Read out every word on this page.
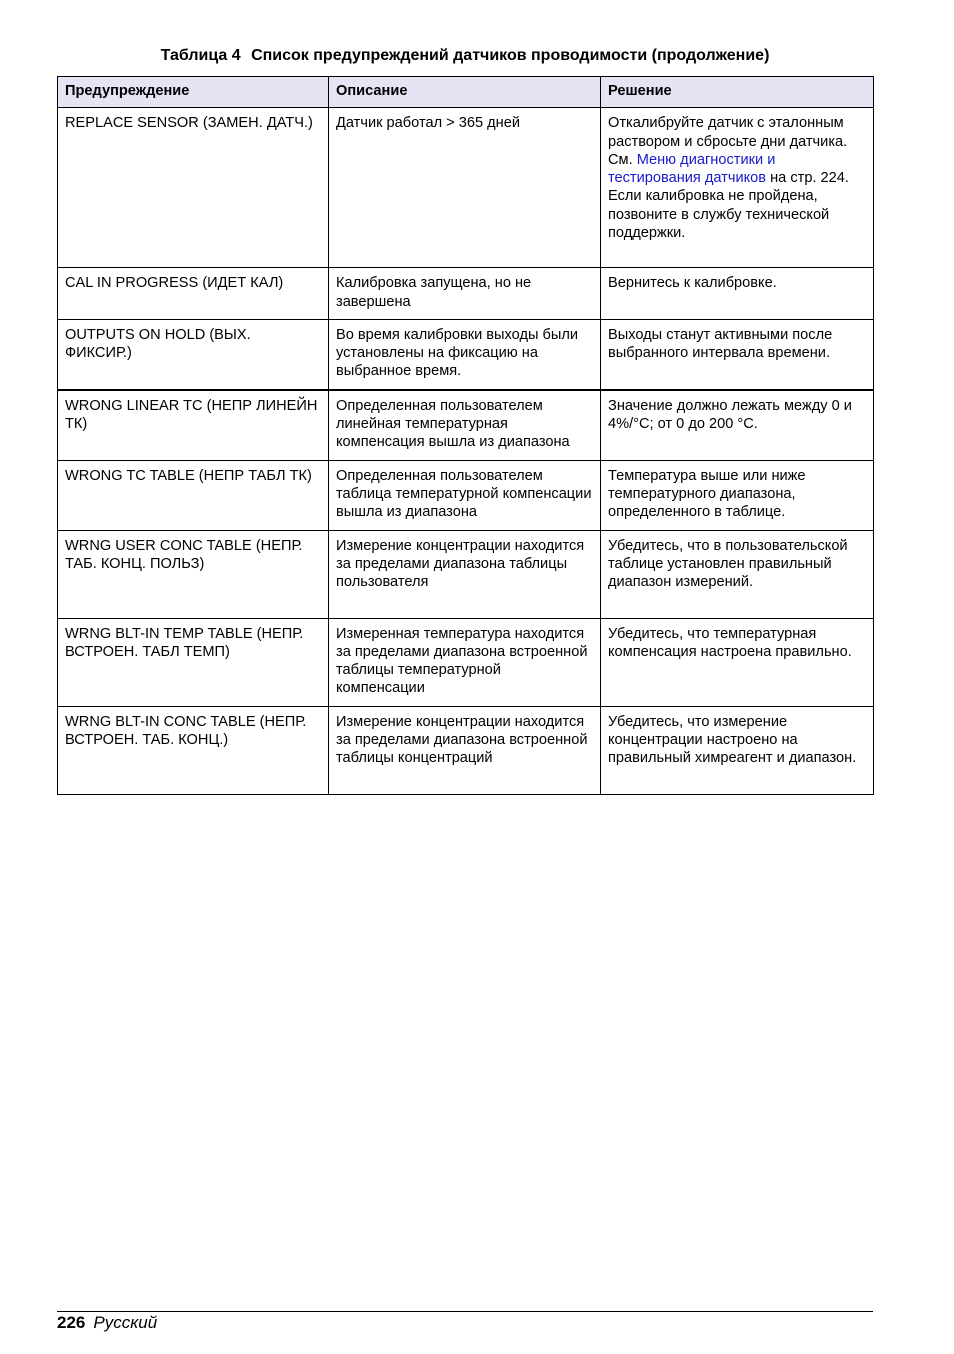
Таблица 4 Список предупреждений датчиков проводимости (продолжение)
Предупреждение	Описание	Решение
REPLACE SENSOR (ЗАМЕН. ДАТЧ.)	Датчик работал > 365 дней	Откалибруйте датчик с эталонным раствором и сбросьте дни датчика. См. Меню диагностики и тестирования датчиков на стр. 224. Если калибровка не пройдена, позвоните в службу технической поддержки.
CAL IN PROGRESS (ИДЕТ КАЛ)	Калибровка запущена, но не завершена	Вернитесь к калибровке.
OUTPUTS ON HOLD (ВЫХ. ФИКСИР.)	Во время калибровки выходы были установлены на фиксацию на выбранное время.	Выходы станут активными после выбранного интервала времени.
WRONG LINEAR TC (НЕПР ЛИНЕЙН ТК)	Определенная пользователем линейная температурная компенсация вышла из диапазона	Значение должно лежать между 0 и 4%/°C; от 0 до 200 °C.
WRONG TC TABLE (НЕПР ТАБЛ ТК)	Определенная пользователем таблица температурной компенсации вышла из диапазона	Температура выше или ниже температурного диапазона, определенного в таблице.
WRNG USER CONC TABLE (НЕПР. ТАБ. КОНЦ. ПОЛЬЗ)	Измерение концентрации находится за пределами диапазона таблицы пользователя	Убедитесь, что в пользовательской таблице установлен правильный диапазон измерений.
WRNG BLT-IN TEMP TABLE (НЕПР. ВСТРОЕН. ТАБЛ ТЕМП)	Измеренная температура находится за пределами диапазона встроенной таблицы температурной компенсации	Убедитесь, что температурная компенсация настроена правильно.
WRNG BLT-IN CONC TABLE (НЕПР. ВСТРОЕН. ТАБ. КОНЦ.)	Измерение концентрации находится за пределами диапазона встроенной таблицы концентраций	Убедитесь, что измерение концентрации настроено на правильный химреагент и диапазон.
226 Русский
